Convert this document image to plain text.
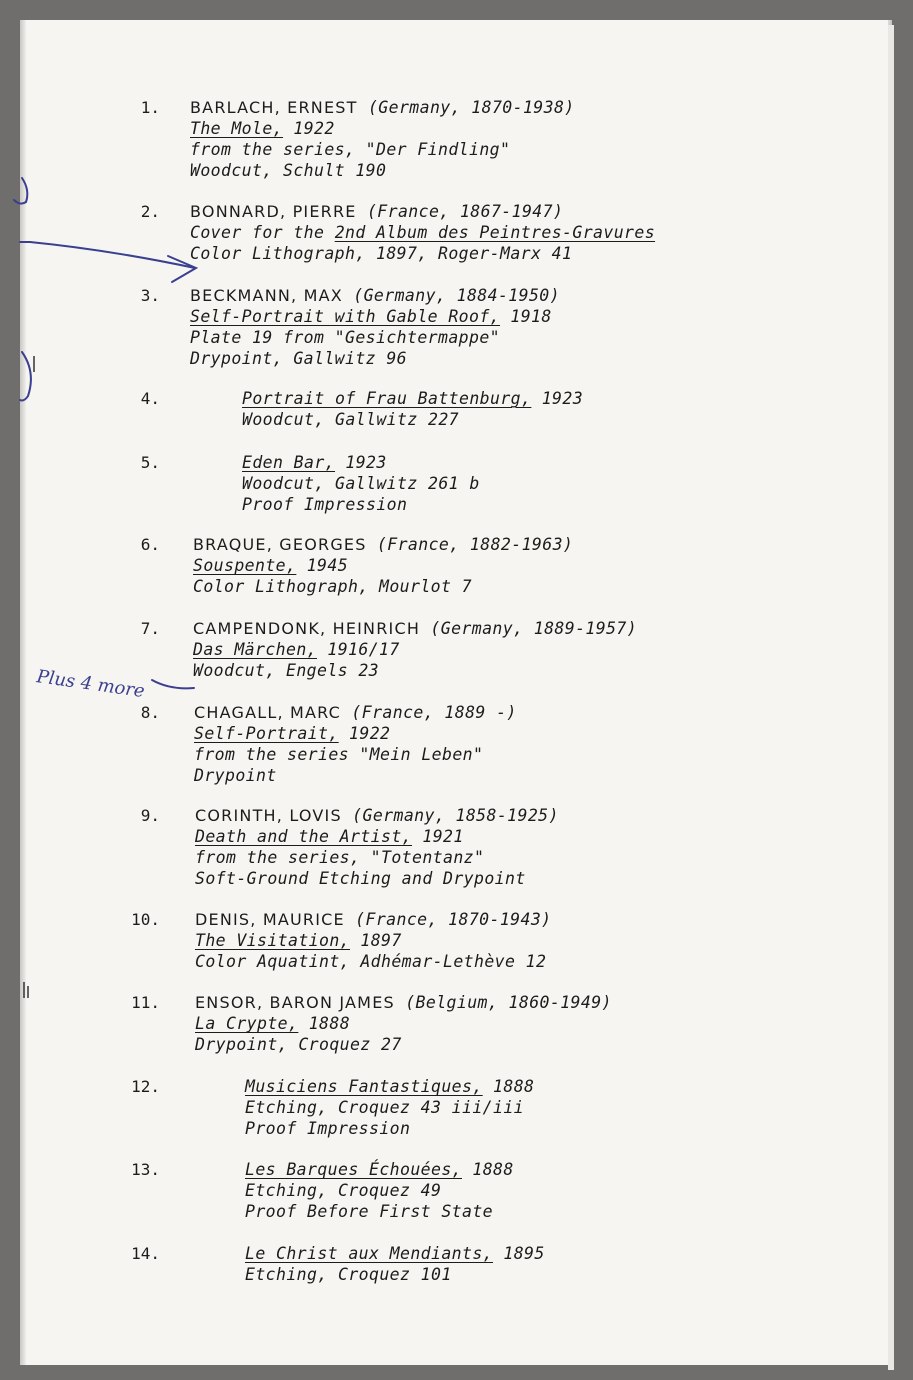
Plus 4 more
1. BARLACH, ERNEST (Germany, 1870-1938)
The Mole, 1922
from the series, "Der Findling"
Woodcut, Schult 190
2. BONNARD, PIERRE (France, 1867-1947)
Cover for the 2nd Album des Peintres-Gravures
Color Lithograph, 1897, Roger-Marx 41
3. BECKMANN, MAX (Germany, 1884-1950)
Self-Portrait with Gable Roof, 1918
Plate 19 from "Gesichtermappe"
Drypoint, Gallwitz 96
4.	Portrait of Frau Battenburg, 1923
Woodcut, Gallwitz 227
5.	Eden Bar, 1923
Woodcut, Gallwitz 261 b
Proof Impression
6. BRAQUE, GEORGES (France, 1882-1963)
Souspente, 1945
Color Lithograph, Mourlot 7
7. CAMPENDONK, HEINRICH (Germany, 1889-1957)
Das Märchen, 1916/17
Woodcut, Engels 23
8. CHAGALL, MARC (France, 1889 -)
Self-Portrait, 1922
from the series "Mein Leben"
Drypoint
9. CORINTH, LOVIS (Germany, 1858-1925)
Death and the Artist, 1921
from the series, "Totentanz"
Soft-Ground Etching and Drypoint
10. DENIS, MAURICE (France, 1870-1943)
The Visitation, 1897
Color Aquatint, Adhémar-Lethève 12
11. ENSOR, BARON JAMES (Belgium, 1860-1949)
La Crypte, 1888
Drypoint, Croquez 27
12.	Musiciens Fantastiques, 1888
Etching, Croquez 43 iii/iii
Proof Impression
13.	Les Barques Échouées, 1888
Etching, Croquez 49
Proof Before First State
14.	Le Christ aux Mendiants, 1895
Etching, Croquez 101
